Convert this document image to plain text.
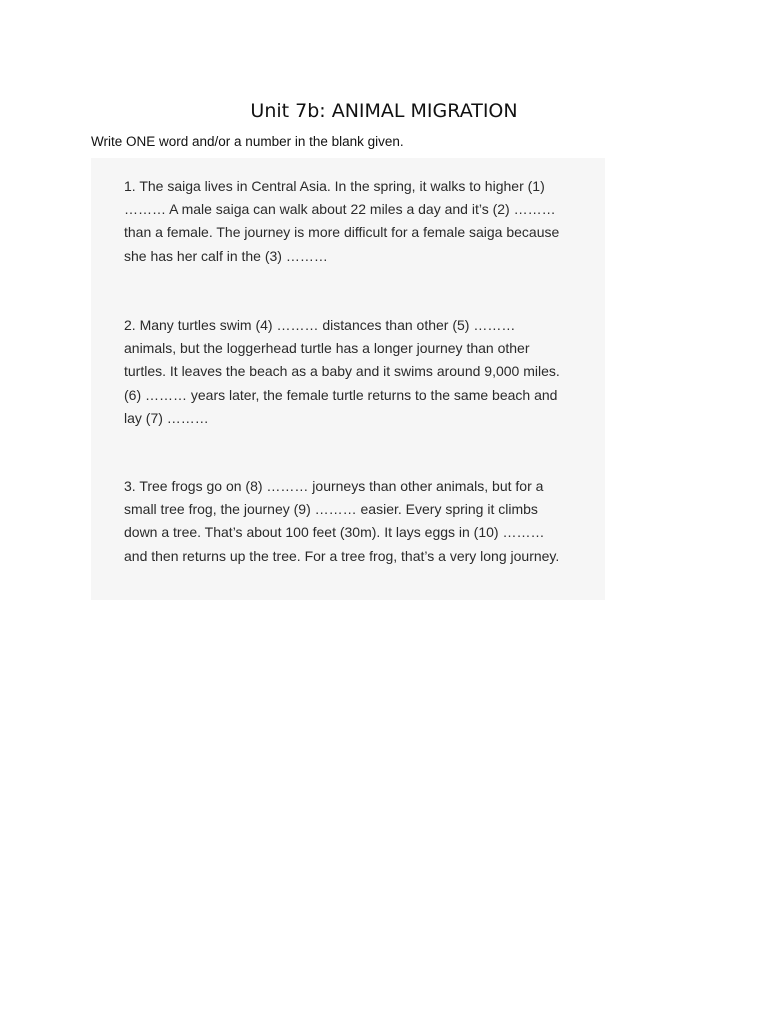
Unit 7b: ANIMAL MIGRATION

Write ONE word and/or a number in the blank given.

1. The saiga lives in Central Asia. In the spring, it walks to higher (1) ……… A male saiga can walk about 22 miles a day and it’s (2) ……… than a female. The journey is more difficult for a female saiga because she has her calf in the (3) ………

2. Many turtles swim (4) ……… distances than other (5) ……… animals, but the loggerhead turtle has a longer journey than other turtles. It leaves the beach as a baby and it swims around 9,000 miles. (6) ……… years later, the female turtle returns to the same beach and lay (7) ………

3. Tree frogs go on (8) ……… journeys than other animals, but for a small tree frog, the journey (9) ……… easier. Every spring it climbs down a tree. That’s about 100 feet (30m). It lays eggs in (10) ……… and then returns up the tree. For a tree frog, that’s a very long journey.
